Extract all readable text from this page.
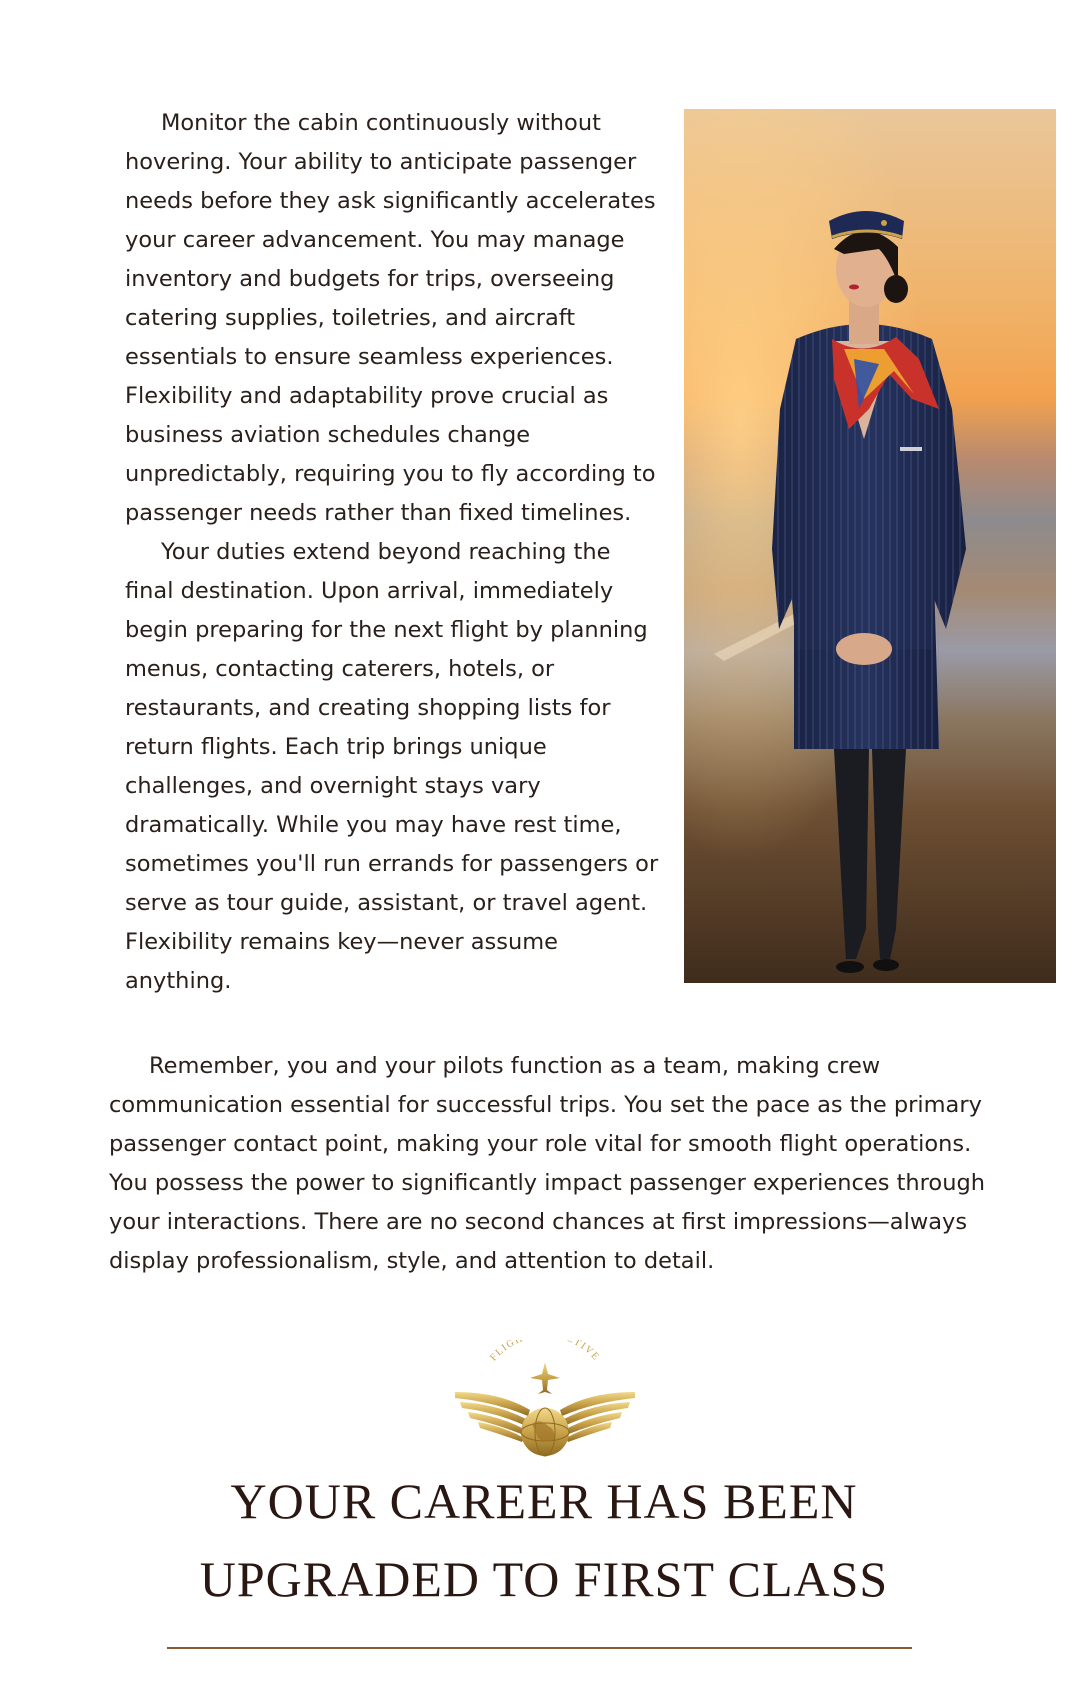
Monitor the cabin continuously without hovering. Your ability to anticipate passenger needs before they ask significantly accelerates your career advancement. You may manage inventory and budgets for trips, overseeing catering supplies, toiletries, and aircraft essentials to ensure seamless experiences. Flexibility and adaptability prove crucial as business aviation schedules change unpredictably, requiring you to fly according to passenger needs rather than fixed timelines.

Your duties extend beyond reaching the final destination. Upon arrival, immediately begin preparing for the next flight by planning menus, contacting caterers, hotels, or restaurants, and creating shopping lists for return flights. Each trip brings unique challenges, and overnight stays vary dramatically. While you may have rest time, sometimes you'll run errands for passengers or serve as tour guide, assistant, or travel agent. Flexibility remains key—never assume anything.

Remember, you and your pilots function as a team, making crew communication essential for successful trips. You set the pace as the primary passenger contact point, making your role vital for smooth flight operations. You possess the power to significantly impact passenger experiences through your interactions. There are no second chances at first impressions—always display professionalism, style, and attention to detail.

FLIG TIVE
YOUR CAREER HAS BEEN
UPGRADED TO FIRST CLASS
